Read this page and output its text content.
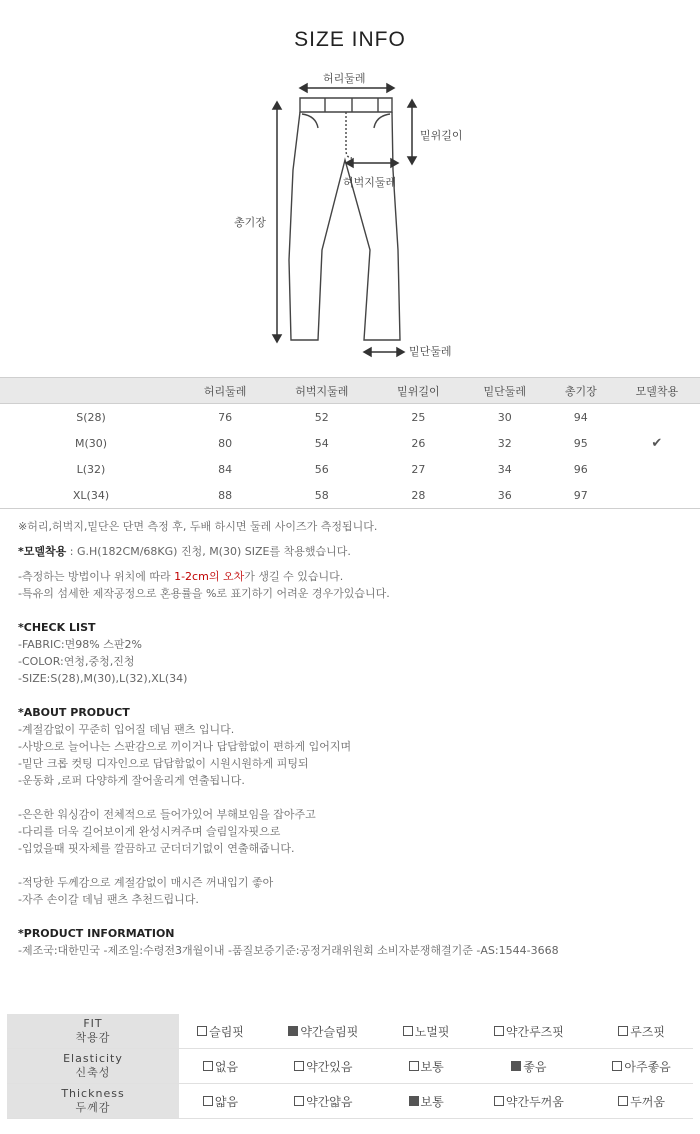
SIZE INFO
허리둘레
밑위길이
허벅지둘레
총기장
밑단둘레
	허리둘레	허벅지둘레	밑위길이	밑단둘레	총기장	모델착용
S(28)	76	52	25	30	94	
M(30)	80	54	26	32	95	✔
L(32)	84	56	27	34	96	
XL(34)	88	58	28	36	97	

※허리,허벅지,밑단은 단면 측정 후, 두배 하시면 둘레 사이즈가 측정됩니다.

*모델착용 : G.H(182CM/68KG) 진청, M(30) SIZE를 착용했습니다.

-측정하는 방법이나 위치에 따라 1-2cm의 오차가 생길 수 있습니다.

-특유의 섬세한 제작공정으로 혼용률을 %로 표기하기 어려운 경우가있습니다.

*CHECK LIST

-FABRIC:면98% 스판2%

-COLOR:연청,중청,진청

-SIZE:S(28),M(30),L(32),XL(34)

*ABOUT PRODUCT

-계절감없이 꾸준히 입어질 데님 팬츠 입니다.

-사방으로 늘어나는 스판감으로 끼이거나 답답함없이 편하게 입어지며

-밑단 크롭 컷팅 디자인으로 답답함없이 시원시원하게 피팅되

-운동화 ,로퍼 다양하게 잘어울리게 연출됩니다.

-은은한 워싱감이 전체적으로 들어가있어 부해보임을 잡아주고

-다리를 더욱 길어보이게 완성시켜주며 슬림일자핏으로

-입었을때 핏자체를 깔끔하고 군더더기없이 연출해줍니다.

-적당한 두께감으로 계절감없이 매시즌 꺼내입기 좋아

-자주 손이갈 데님 팬츠 추천드립니다.

*PRODUCT INFORMATION

-제조국:대한민국 -제조일:수령전3개월이내 -품질보증기준:공정거래위원회 소비자분쟁해결기준 -AS:1544-3668

FIT
착용감	슬림핏	약간슬림핏	노멀핏	약간루즈핏	루즈핏

Elasticity
신축성	없음	약간있음	보통	좋음	아주좋음

Thickness
두께감	얇음	약간얇음	보통	약간두꺼움	두꺼움
